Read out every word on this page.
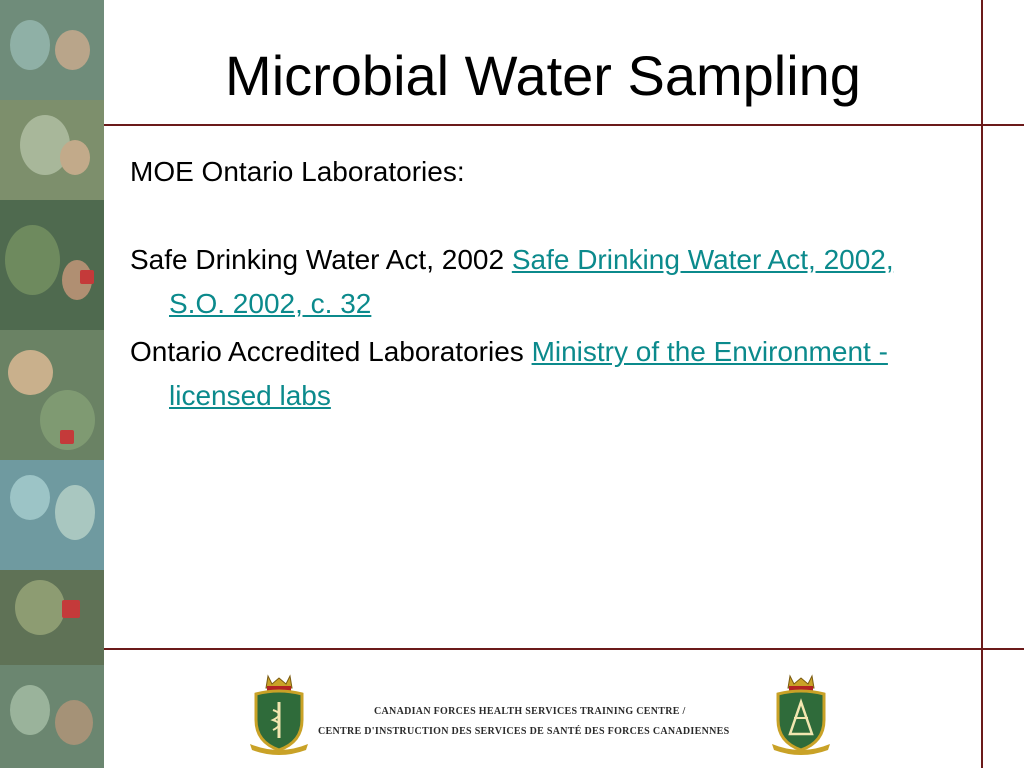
Microbial Water Sampling

MOE Ontario Laboratories:

Safe Drinking Water Act, 2002 Safe Drinking Water Act, 2002, S.O. 2002, c. 32

Ontario Accredited Laboratories Ministry of the Environment - licensed labs

CANADIAN FORCES HEALTH SERVICES TRAINING CENTRE /
CENTRE D'INSTRUCTION DES SERVICES DE SANTÉ DES FORCES CANADIENNES
